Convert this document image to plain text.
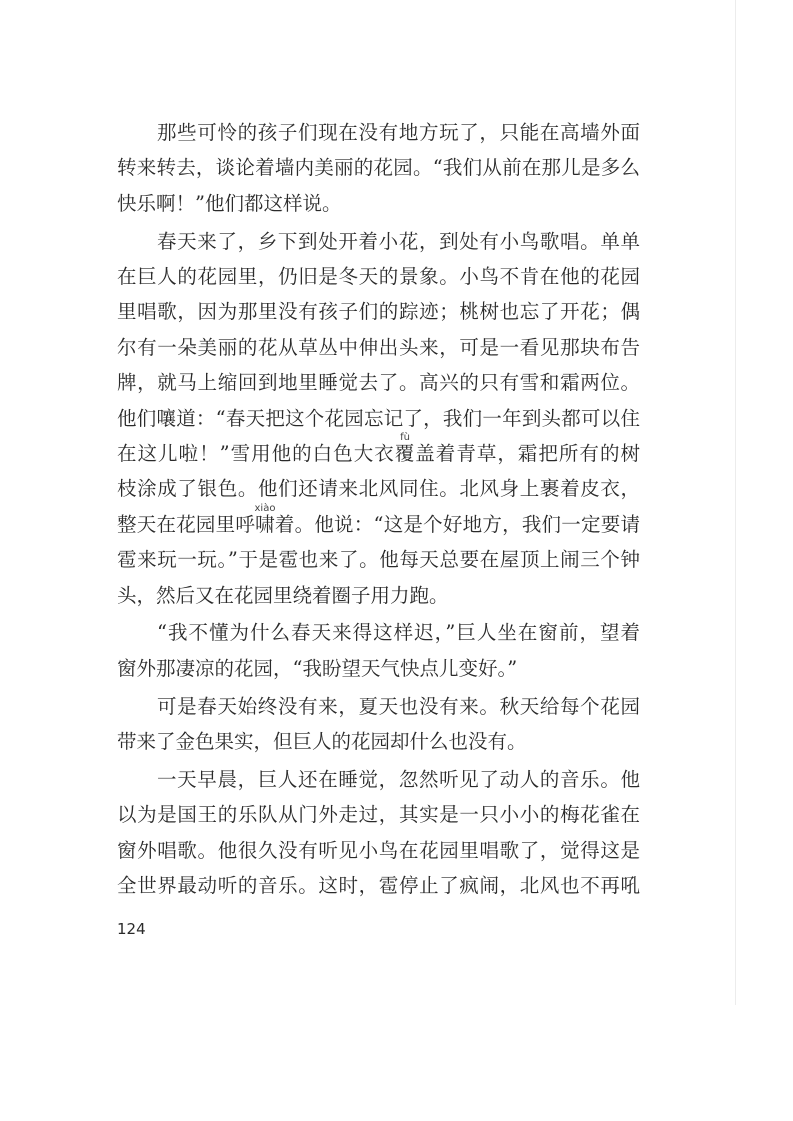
那些可怜的孩子们现在没有地方玩了，只能在高墙外面
转来转去，谈论着墙内美丽的花园。“我们从前在那儿是多么
快乐啊！”他们都这样说。
春天来了，乡下到处开着小花，到处有小鸟歌唱。单单
在巨人的花园里，仍旧是冬天的景象。小鸟不肯在他的花园
里唱歌，因为那里没有孩子们的踪迹；桃树也忘了开花；偶
尔有一朵美丽的花从草丛中伸出头来，可是一看见那块布告
牌，就马上缩回到地里睡觉去了。高兴的只有雪和霜两位。
他们嚷道：“春天把这个花园忘记了，我们一年到头都可以住
在这儿啦！”雪用他的白色大衣覆
fù
盖着青草，霜把所有的树
枝涂成了银色。他们还请来北风同住。北风身上裹着皮衣，
整天在花园里呼啸
xiào
着。他说：“这是个好地方，我们一定要请
雹来玩一玩。”于是雹也来了。他每天总要在屋顶上闹三个钟
头，然后又在花园里绕着圈子用力跑。
“我不懂为什么春天来得这样迟，”巨人坐在窗前，望着
窗外那凄凉的花园，“我盼望天气快点儿变好。”
可是春天始终没有来，夏天也没有来。秋天给每个花园
带来了金色果实，但巨人的花园却什么也没有。
一天早晨，巨人还在睡觉，忽然听见了动人的音乐。他
以为是国王的乐队从门外走过，其实是一只小小的梅花雀在
窗外唱歌。他很久没有听见小鸟在花园里唱歌了，觉得这是
全世界最动听的音乐。这时，雹停止了疯闹，北风也不再吼
124
